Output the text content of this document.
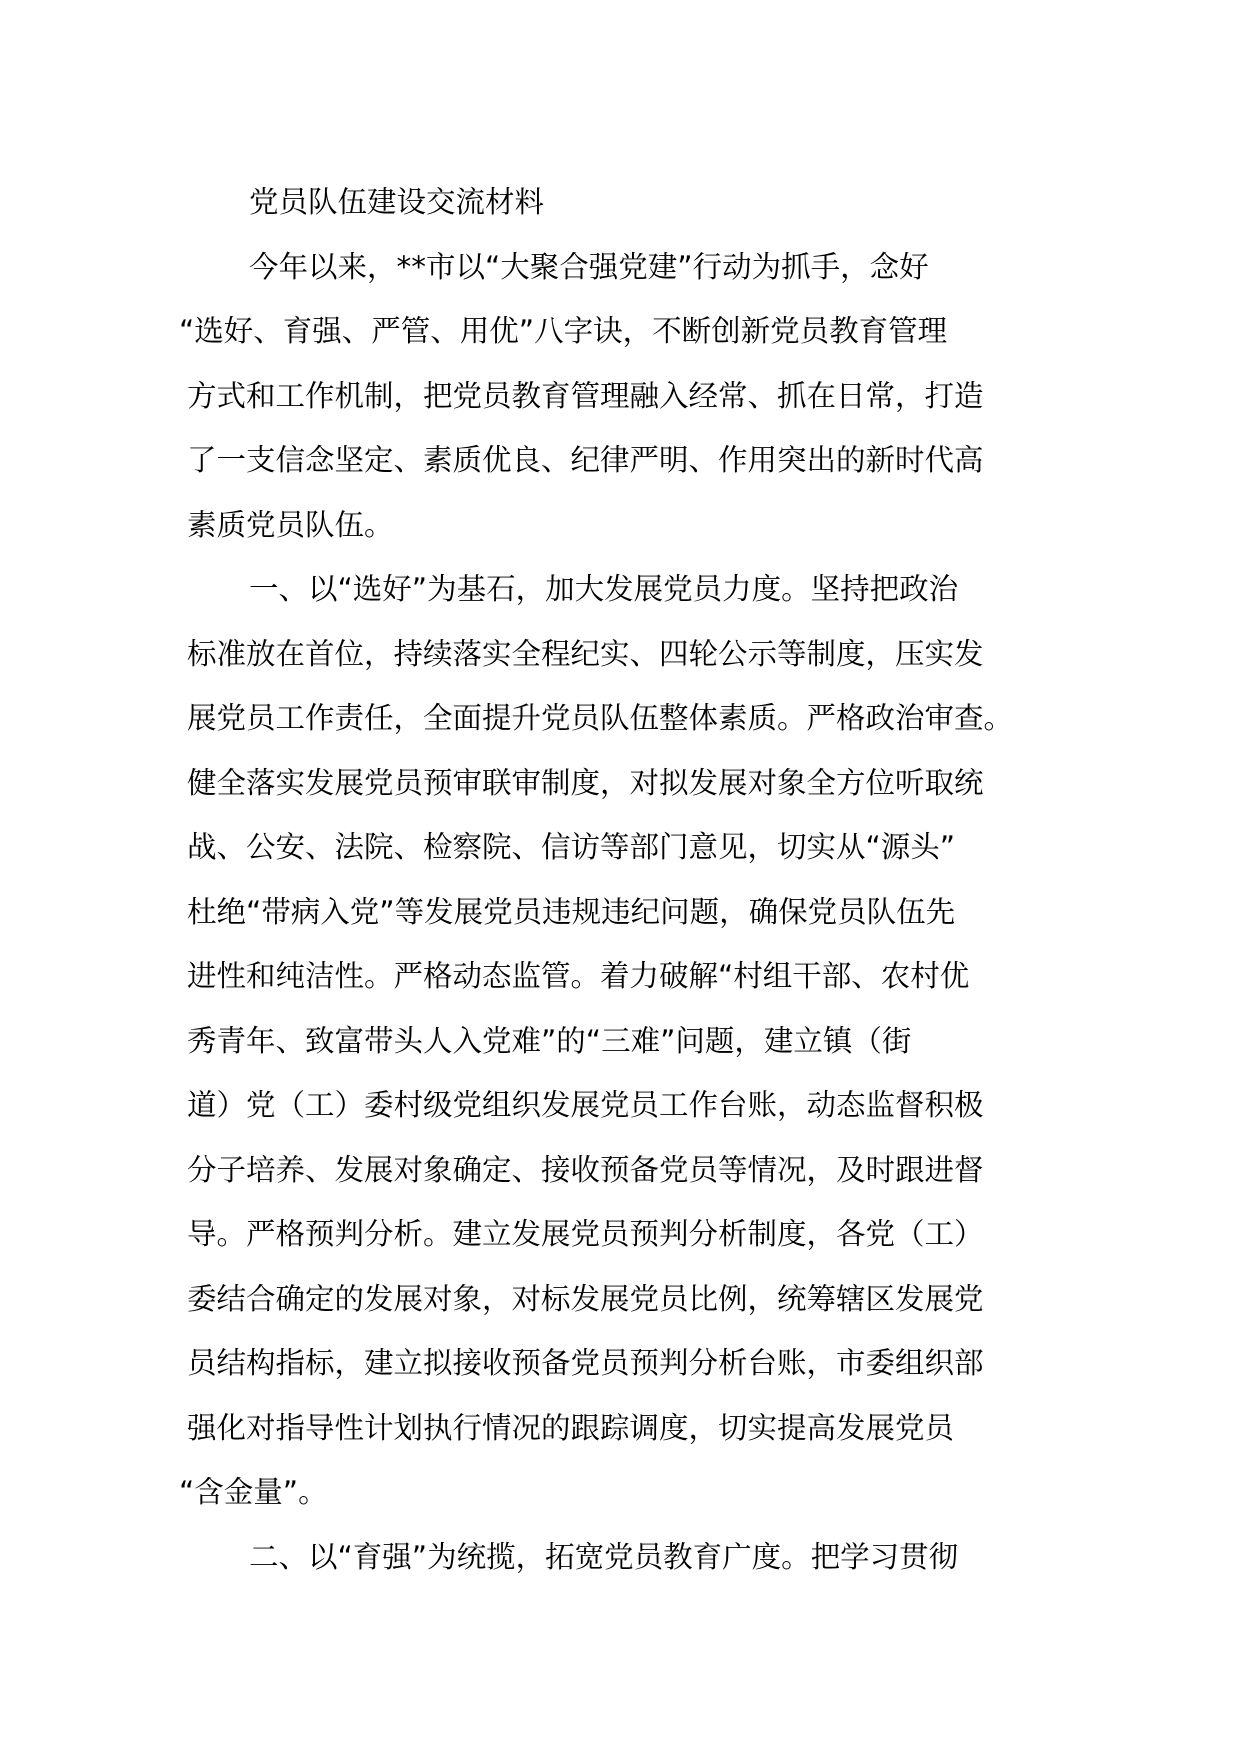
党员队伍建设交流材料
今年以来，**市以“大聚合强党建”行动为抓手，念好
“选好、育强、严管、用优”八字诀，不断创新党员教育管理
方式和工作机制，把党员教育管理融入经常、抓在日常，打造
了一支信念坚定、素质优良、纪律严明、作用突出的新时代高
素质党员队伍。
一、以“选好”为基石，加大发展党员力度。坚持把政治
标准放在首位，持续落实全程纪实、四轮公示等制度，压实发
展党员工作责任，全面提升党员队伍整体素质。严格政治审查。
健全落实发展党员预审联审制度，对拟发展对象全方位听取统
战、公安、法院、检察院、信访等部门意见，切实从“源头”
杜绝“带病入党”等发展党员违规违纪问题，确保党员队伍先
进性和纯洁性。严格动态监管。着力破解“村组干部、农村优
秀青年、致富带头人入党难”的“三难”问题，建立镇（街
道）党（工）委村级党组织发展党员工作台账，动态监督积极
分子培养、发展对象确定、接收预备党员等情况，及时跟进督
导。严格预判分析。建立发展党员预判分析制度，各党（工）
委结合确定的发展对象，对标发展党员比例，统筹辖区发展党
员结构指标，建立拟接收预备党员预判分析台账，市委组织部
强化对指导性计划执行情况的跟踪调度，切实提高发展党员
“含金量”。
二、以“育强”为统揽，拓宽党员教育广度。把学习贯彻
